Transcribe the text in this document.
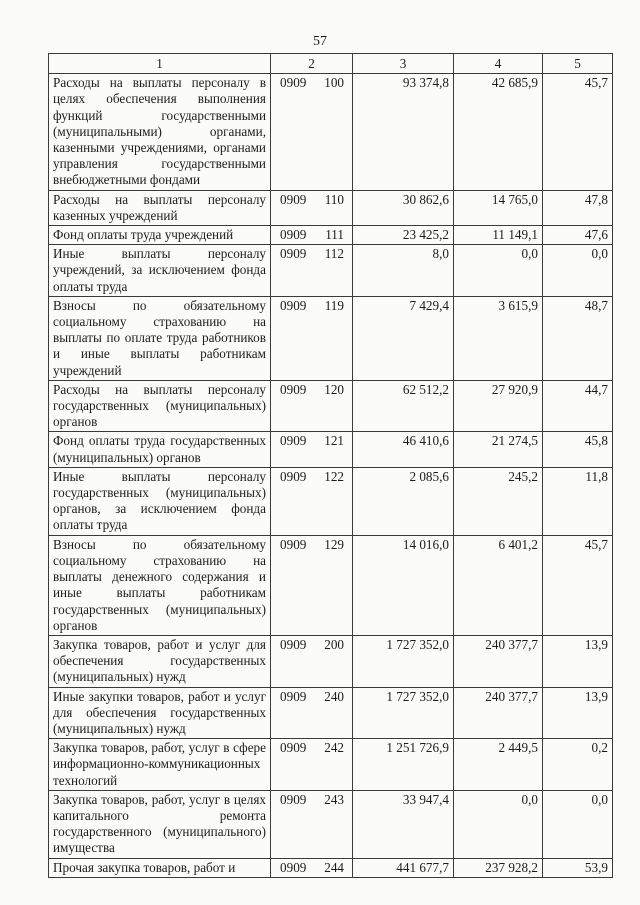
57
1	2	3	4	5
Расходы на выплаты персоналу в целях обеспечения выполнения функций государственными (муниципальными) органами, казенными учреждениями, органами управления государственными внебюджетными фондами	0909 100	93 374,8	42 685,9	45,7
Расходы на выплаты персоналу казенных учреждений	0909 110	30 862,6	14 765,0	47,8
Фонд оплаты труда учреждений	0909 111	23 425,2	11 149,1	47,6
Иные выплаты персоналу учреждений, за исключением фонда оплаты труда	0909 112	8,0	0,0	0,0
Взносы по обязательному социальному страхованию на выплаты по оплате труда работников и иные выплаты работникам учреждений	0909 119	7 429,4	3 615,9	48,7
Расходы на выплаты персоналу государственных (муниципальных) органов	0909 120	62 512,2	27 920,9	44,7
Фонд оплаты труда государственных (муниципальных) органов	0909 121	46 410,6	21 274,5	45,8
Иные выплаты персоналу государственных (муниципальных) органов, за исключением фонда оплаты труда	0909 122	2 085,6	245,2	11,8
Взносы по обязательному социальному страхованию на выплаты денежного содержания и иные выплаты работникам государственных (муниципальных) органов	0909 129	14 016,0	6 401,2	45,7
Закупка товаров, работ и услуг для обеспечения государственных (муниципальных) нужд	0909 200	1 727 352,0	240 377,7	13,9
Иные закупки товаров, работ и услуг для обеспечения государственных (муниципальных) нужд	0909 240	1 727 352,0	240 377,7	13,9
Закупка товаров, работ, услуг в сфере информационно-коммуникационных технологий	0909 242	1 251 726,9	2 449,5	0,2
Закупка товаров, работ, услуг в целях капитального ремонта государственного (муниципального) имущества	0909 243	33 947,4	0,0	0,0
Прочая закупка товаров, работ и	0909 244	441 677,7	237 928,2	53,9
